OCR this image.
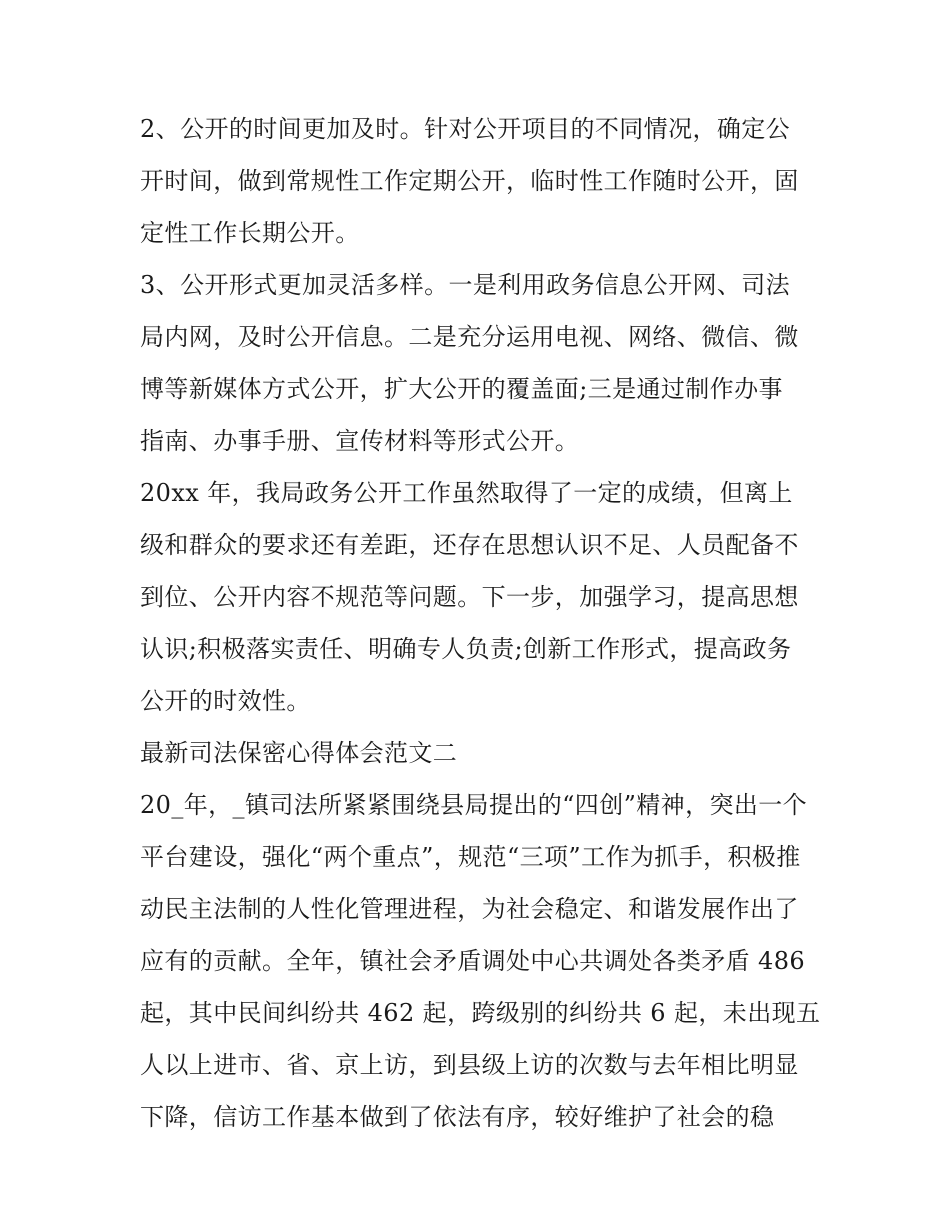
2、公开的时间更加及时。针对公开项目的不同情况，确定公
开时间，做到常规性工作定期公开，临时性工作随时公开，固
定性工作长期公开。
3、公开形式更加灵活多样。一是利用政务信息公开网、司法
局内网，及时公开信息。二是充分运用电视、网络、微信、微
博等新媒体方式公开，扩大公开的覆盖面;三是通过制作办事
指南、办事手册、宣传材料等形式公开。
20xx 年，我局政务公开工作虽然取得了一定的成绩，但离上
级和群众的要求还有差距，还存在思想认识不足、人员配备不
到位、公开内容不规范等问题。下一步，加强学习，提高思想
认识;积极落实责任、明确专人负责;创新工作形式，提高政务
公开的时效性。
最新司法保密心得体会范文二
20_年，_镇司法所紧紧围绕县局提出的“四创”精神，突出一个
平台建设，强化“两个重点”，规范“三项”工作为抓手，积极推
动民主法制的人性化管理进程，为社会稳定、和谐发展作出了
应有的贡献。全年，镇社会矛盾调处中心共调处各类矛盾 486
起，其中民间纠纷共 462 起，跨级别的纠纷共 6 起，未出现五
人以上进市、省、京上访，到县级上访的次数与去年相比明显
下降，信访工作基本做到了依法有序，较好维护了社会的稳
